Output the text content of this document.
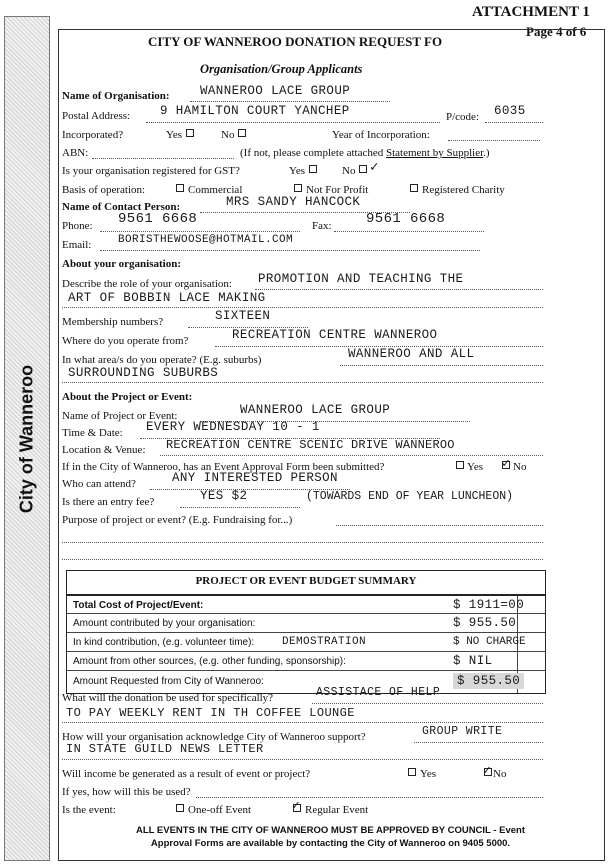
ATTACHMENT 1
Page 4 of 6
City of Wanneroo
CITY OF WANNEROO DONATION REQUEST FO
Organisation/Group Applicants
Name of Organisation: WANNEROO LACE GROUP
Postal Address: 9 HAMILTON COURT YANCHEP	P/code: 6035
Incorporated?	Yes	No	Year of Incorporation:
ABN:	(If not, please complete attached Statement by Supplier.)
Is your organisation registered for GST?	Yes	No ✓
Basis of operation:	Commercial	Not For Profit	Registered Charity
Name of Contact Person:	MRS SANDY HANCOCK
Phone: 9561 6668	Fax: 9561 6668
Email: BORISTHEWOOSE@HOTMAIL.COM
About your organisation:
Describe the role of your organisation: PROMOTION AND TEACHING THE
ART OF BOBBIN LACE MAKING
Membership numbers?	SIXTEEN
Where do you operate from?	RECREATION CENTRE WANNEROO
In what area/s do you operate? (E.g. suburbs)	WANNEROO AND ALL
SURROUNDING SUBURBS
About the Project or Event:
Name of Project or Event:	WANNEROO LACE GROUP
Time & Date: EVERY WEDNESDAY 10 - 1
Location & Venue: RECREATION CENTRE SCENIC DRIVE WANNEROO
If in the City of Wanneroo, has an Event Approval Form been submitted?	Yes	No
✓
Who can attend?	ANY INTERESTED PERSON
Is there an entry fee?	YES $2	(TOWARDS END OF YEAR LUNCHEON)
Purpose of project or event? (E.g. Fundraising for...)
PROJECT OR EVENT BUDGET SUMMARY
Total Cost of Project/Event:	$ 1911=00
Amount contributed by your organisation:	$ 955.50
In kind contribution, (e.g. volunteer time):	DEMOSTRATION	$ NO CHARGE
Amount from other sources, (e.g. other funding, sponsorship):	$ NIL
Amount Requested from City of Wanneroo:	$ 955.50
What will the donation be used for specifically?	ASSISTACE OF HELP
TO PAY WEEKLY RENT IN TH COFFEE LOUNGE
How will your organisation acknowledge City of Wanneroo support?	GROUP WRITE
IN STATE GUILD NEWS LETTER
Will income be generated as a result of event or project?	Yes	No
✓
If yes, how will this be used?
Is the event:	One-off Event	Regular Event
✓
ALL EVENTS IN THE CITY OF WANNEROO MUST BE APPROVED BY COUNCIL - Event
Approval Forms are available by contacting the City of Wanneroo on 9405 5000.
